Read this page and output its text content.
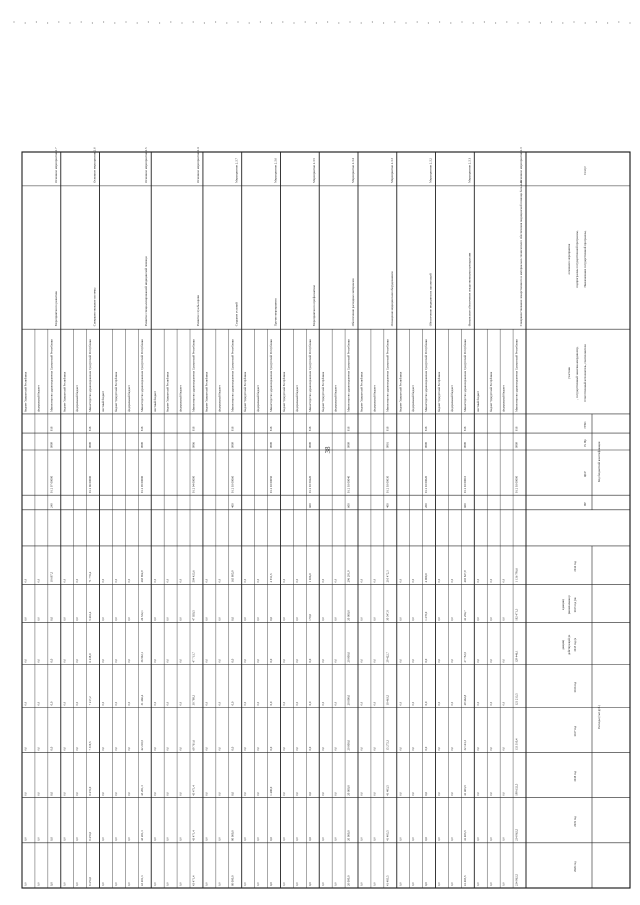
Статус
Наименование государственной программы,
подпрограммы государственной программы,
основного мероприятия
Ответственный исполнитель, соисполнители
, государственный заказчик-координатор,
участник
ГРБС
Рз Пр
ЦСР
ВР
Код бюджетной классификации
Расходы (тыс.руб.)
2014 год
2015 год (пе
рвоначальная р
едакция)
2015 год (в
действующей ре
дакции)
2016 год
2017 год
2018 год
2019 год
2020 год
Основное мероприятие 2.3
Совершенствование лекарственного и материально-технического обеспечения медицинской помощи больным
Министерство здравоохранения Удмуртской Республики
818
0909
01 2 03 00000
1 136 796,6
182 471,3
129 446,1
121 213,5
133 310,4
199 632,5
234 962,5
234 962,5
федеральный бюджет
0,0
0,0
0,0
0,0
0,0
0,0
0,0
0,0
бюджет Удмуртской Республики
0,0
0,0
0,0
0,0
0,0
0,0
0,0
0,0
местный бюджет
0,0
0,0
0,0
0,0
0,0
0,0
0,0
0,0
Мероприятие 2.3.1
Финансовое обеспечение лекарственными препаратами
Министерство здравоохранения Удмуртской Республики
818
0909
01 2 03 00010
600
403 827,9
41 254,7
27 752,5
29 462,8
32 123,3
41 403,5
41 403,5
41 403,5
федеральный бюджет
0,0
0,0
0,0
0,0
0,0
0,0
0,0
0,0
бюджет Удмуртской Республики
0,0
0,0
0,0
0,0
0,0
0,0
0,0
0,0
Мероприятие 2.3.2
Обеспечение медицинских организаций
Министерство здравоохранения Удмуртской Республики
818
0909
01 2 03 00020
200
4 000,0
1 270,0
0,0
0,0
0,0
0,0
0,0
0,0
федеральный бюджет
0,0
0,0
0,0
0,0
0,0
0,0
0,0
0,0
бюджет Удмуртской Республики
0,0
0,0
0,0
0,0
0,0
0,0
0,0
0,0
Мероприятие 2.3.3
Оснащение медицинским оборудованием
Министерство здравоохранения Удмуртской Республики
818
0901
01 2 03 00030
400
210 472,3
30 547,8
29 422,7
10 463,5
15 275,3
41 403,5
41 403,5
41 403,5
федеральный бюджет
0,0
0,0
0,0
0,0
0,0
0,0
0,0
0,0
бюджет Удмуртской Республики
0,0
0,0
0,0
0,0
0,0
0,0
0,0
0,0
Мероприятие 2.3.4
Обеспечение расходных материалов
Министерство здравоохранения Удмуртской Республики
818
0909
01 2 03 00040
600
296 291,9
20 000,0
20 000,0
20 000,0
20 000,0
20 000,0
20 000,0
20 000,0
федеральный бюджет
0,0
0,0
0,0
0,0
0,0
0,0
0,0
0,0
бюджет Удмуртской Республики
0,0
0,0
0,0
0,0
0,0
0,0
0,0
0,0
Мероприятие 2.3.5
Мероприятия по профилактике
Министерство здравоохранения Удмуртской Республики
818
0909
01 2 03 50220
600
1 656,0
170,0
0,0
0,0
0,0
0,0
0,0
0,0
федеральный бюджет
0,0
0,0
0,0
0,0
0,0
0,0
0,0
0,0
бюджет Удмуртской Республики
0,0
0,0
0,0
0,0
0,0
0,0
0,0
0,0
Мероприятие 2.3.6
Прочие мероприятия
Министерство здравоохранения Удмуртской Республики
818
0909
01 2 03 00050
2 911,5
0,0
0,0
0,0
0,0
1 400,0
0,0
0,0
федеральный бюджет
0,0
0,0
0,0
0,0
0,0
0,0
0,0
0,0
бюджет Удмуртской Республики
0,0
0,0
0,0
0,0
0,0
0,0
0,0
0,0
Мероприятие 2.3.7
Создание условий
Министерство здравоохранения Удмуртской Республики
818
0909
01 2 03 00060
400
165 805,9
0,0
0,0
0,0
0,0
0,0
80 000,0
80 000,0
федеральный бюджет
0,0
0,0
0,0
0,0
0,0
0,0
0,0
0,0
бюджет Удмуртской Республики
0,0
0,0
0,0
0,0
0,0
0,0
0,0
0,0
Основное мероприятие 2.4
Развитие службы крови
Министерство здравоохранения Удмуртской Республики
818
0906
01 2 04 00000
504 423,6
47 050,5
47 713,7
30 788,3
69 761,6
43 471,4
43 471,4
43 471,4
федеральный бюджет
0,0
0,0
0,0
0,0
0,0
0,0
0,0
0,0
бюджет Удмуртской Республики
0,0
0,0
0,0
0,0
0,0
0,0
0,0
0,0
местный бюджет
0,0
0,0
0,0
0,0
0,0
0,0
0,0
0,0
Основное мероприятие 2.5
Развитие специализированной медицинской помощи
Министерство здравоохранения Удмуртской Республики
818
0909
01 2 05 00000
265 962,9
26 532,1
36 502,1
31 466,4
42 210,5
43 201,3
43 201,3
43 201,3
федеральный бюджет
0,0
0,0
0,0
0,0
0,0
0,0
0,0
0,0
бюджет Удмуртской Республики
0,0
0,0
0,0
0,0
0,0
0,0
0,0
0,0
местный бюджет
0,0
0,0
0,0
0,0
0,0
0,0
0,0
0,0
Основное мероприятие 2.6
Совершенствование системы
Министерство здравоохранения Удмуртской Республики
818
0909
01 2 06 00000
71 776,4
5 416,4
6 238,0
7 217,2
7 319,5
8 476,0
8 476,0
8 476,0
федеральный бюджет
0,0
0,0
0,0
0,0
0,0
0,0
0,0
0,0
бюджет Удмуртской Республики
0,0
0,0
0,0
0,0
0,0
0,0
0,0
0,0
Основное мероприятие 2.7
Мероприятия по развитию
Министерство здравоохранения Удмуртской Республики
818
0909
01 2 07 00000
240
10 687,5
0,0
0,0
0,0
0,0
0,0
0,0
0,0
федеральный бюджет
0,0
0,0
0,0
0,0
0,0
0,0
0,0
0,0
бюджет Удмуртской Республики
0,0
0,0
0,0
0,0
0,0
0,0
0,0
0,0
38
